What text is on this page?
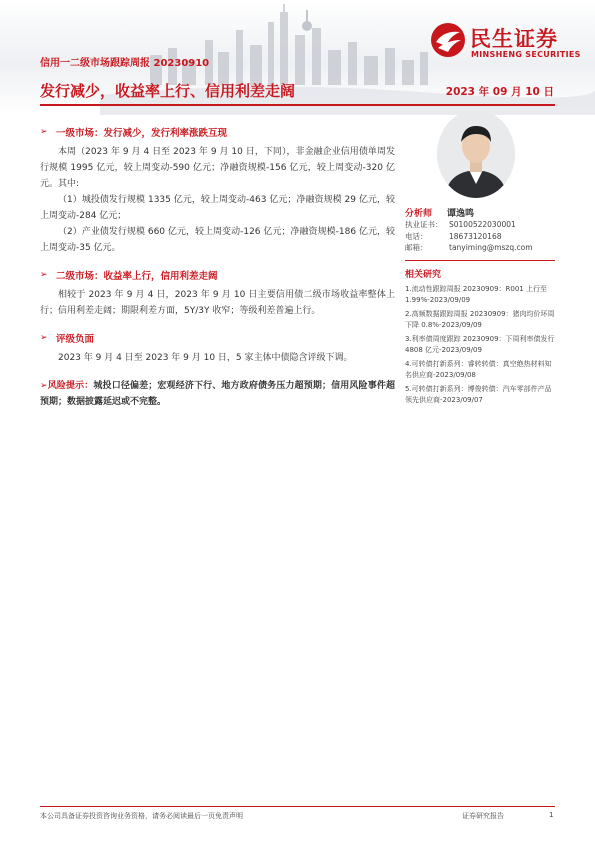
民生证券
MINSHENG SECURITIES
信用一二级市场跟踪周报 20230910
发行减少，收益率上行、信用利差走阔	2023 年 09 月 10 日
➢ 一级市场：发行减少，发行利率涨跌互现

本周（2023 年 9 月 4 日至 2023 年 9 月 10 日，下同），非金融企业信用债单周发行规模 1995 亿元，较上周变动-590 亿元；净融资规模-156 亿元，较上周变动-320 亿元。其中:

（1）城投债发行规模 1335 亿元，较上周变动-463 亿元；净融资规模 29 亿元，较上周变动-284 亿元；

（2）产业债发行规模 660 亿元，较上周变动-126 亿元；净融资规模-186 亿元，较上周变动-35 亿元。

➢ 二级市场：收益率上行，信用利差走阔

相较于 2023 年 9 月 4 日，2023 年 9 月 10 日主要信用债二级市场收益率整体上行；信用利差走阔；期限利差方面，5Y/3Y 收窄；等级利差普遍上行。

➢ 评级负面

2023 年 9 月 4 日至 2023 年 9 月 10 日，5 家主体中债隐含评级下调。

➢风险提示：城投口径偏差；宏观经济下行、地方政府债务压力超预期；信用风险事件超预期；数据披露延迟或不完整。

分析师	谭逸鸣
执业证书： S0100522030001
电话：	18673120168
邮箱：	tanyiming@mszq.com
相关研究
1.流动性跟踪周报 20230909：R001 上行至 1.99%-2023/09/09
2.高频数据跟踪周报 20230909：猪肉均价环周下降 0.8%-2023/09/09
3.利率债周度跟踪 20230909：下周利率债发行 4808 亿元-2023/09/09
4.可转债打新系列：睿转转债：真空绝热材料知名供应商-2023/09/08
5.可转债打新系列：博俊转债：汽车零部件产品领先供应商-2023/09/07
本公司具备证券投资咨询业务资格，请务必阅读最后一页免责声明	证券研究报告	1
